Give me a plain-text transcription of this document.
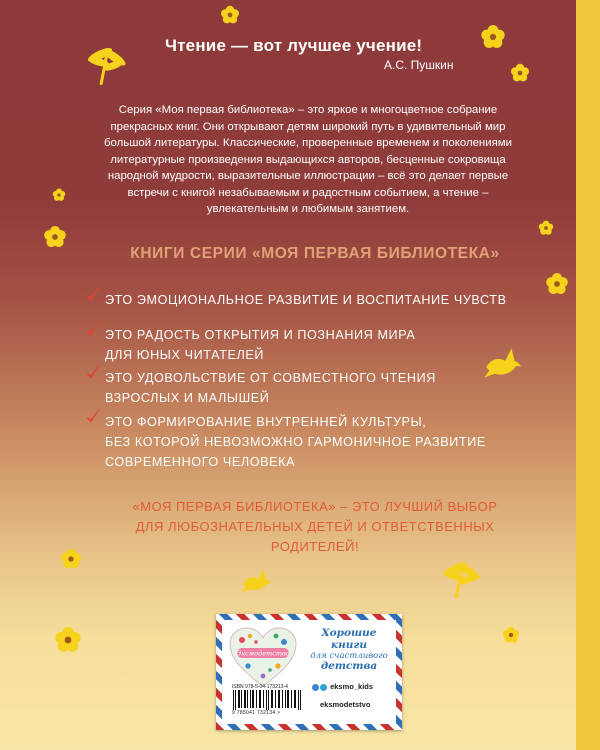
Чтение — вот лучшее учение!
А.С. Пушкин
Серия «Моя первая библиотека» – это яркое и многоцветное собрание
прекрасных книг. Они открывают детям широкий путь в удивительный мир
большой литературы. Классические, проверенные временем и поколениями
литературные произведения выдающихся авторов, бесценные сокровища
народной мудрости, выразительные иллюстрации – всё это делает первые
встречи с книгой незабываемым и радостным событием, а чтение –
увлекательным и любимым занятием.
КНИГИ СЕРИИ «МОЯ ПЕРВАЯ БИБЛИОТЕКА»
ЭТО ЭМОЦИОНАЛЬНОЕ РАЗВИТИЕ И ВОСПИТАНИЕ ЧУВСТВ
ЭТО РАДОСТЬ ОТКРЫТИЯ И ПОЗНАНИЯ МИРА
ДЛЯ ЮНЫХ ЧИТАТЕЛЕЙ
ЭТО УДОВОЛЬСТВИЕ ОТ СОВМЕСТНОГО ЧТЕНИЯ
ВЗРОСЛЫХ И МАЛЫШЕЙ
ЭТО ФОРМИРОВАНИЕ ВНУТРЕННЕЙ КУЛЬТУРЫ,
БЕЗ КОТОРОЙ НЕВОЗМОЖНО ГАРМОНИЧНОЕ РАЗВИТИЕ
СОВРЕМЕННОГО ЧЕЛОВЕКА
«МОЯ ПЕРВАЯ БИБЛИОТЕКА» – ЭТО ЛУЧШИЙ ВЫБОР
ДЛЯ ЛЮБОЗНАТЕЛЬНЫХ ДЕТЕЙ И ОТВЕТСТВЕННЫХ
РОДИТЕЛЕЙ!
Эксмодетство
Хорошие
книги
для счастливого
детства
ISBN 978-5-04-173213-4
9 785041 732134 >
eksmo_kids
eksmodetstvo
